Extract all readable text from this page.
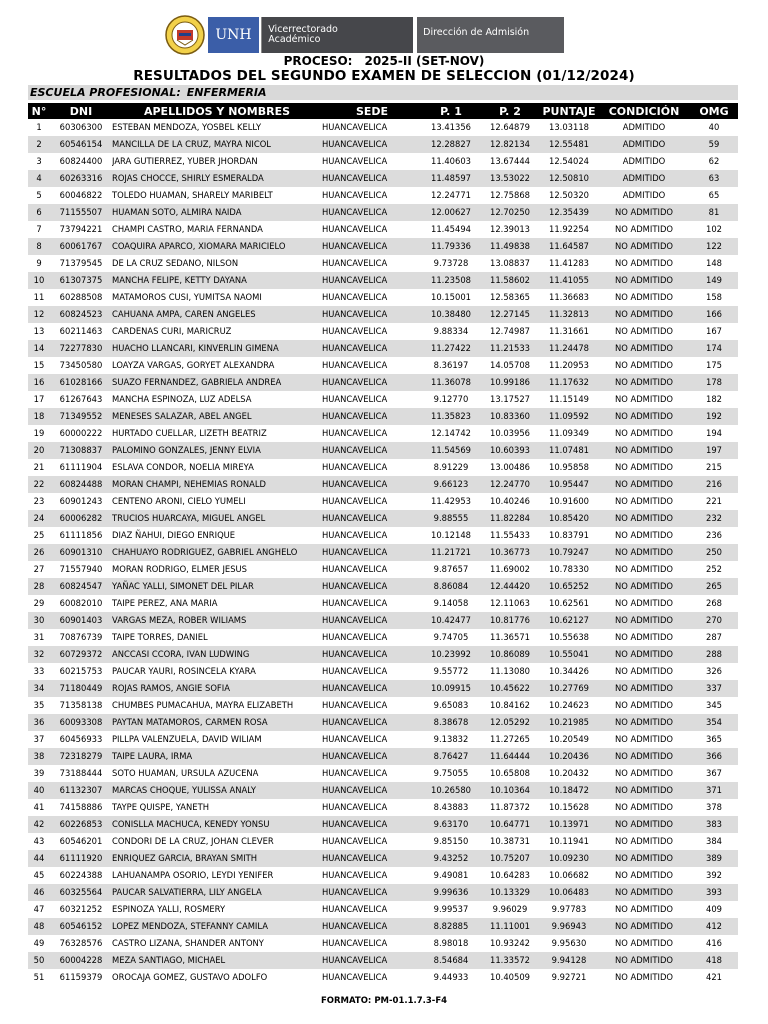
UNH	Vicerrectorado
Académico
Dirección de Admisión
PROCESO: 2025-II (SET-NOV)
RESULTADOS DEL SEGUNDO EXAMEN DE SELECCION (01/12/2024)
ESCUELA PROFESIONAL: ENFERMERIA
N°	DNI	APELLIDOS Y NOMBRES	SEDE	P. 1	P. 2	PUNTAJE	CONDICIÓN	OMG
1	60306300	ESTEBAN MENDOZA, YOSBEL KELLY	HUANCAVELICA	13.41356	12.64879	13.03118	ADMITIDO	40
2	60546154	MANCILLA DE LA CRUZ, MAYRA NICOL	HUANCAVELICA	12.28827	12.82134	12.55481	ADMITIDO	59
3	60824400	JARA GUTIERREZ, YUBER JHORDAN	HUANCAVELICA	11.40603	13.67444	12.54024	ADMITIDO	62
4	60263316	ROJAS CHOCCE, SHIRLY ESMERALDA	HUANCAVELICA	11.48597	13.53022	12.50810	ADMITIDO	63
5	60046822	TOLEDO HUAMAN, SHARELY MARIBELT	HUANCAVELICA	12.24771	12.75868	12.50320	ADMITIDO	65
6	71155507	HUAMAN SOTO, ALMIRA NAIDA	HUANCAVELICA	12.00627	12.70250	12.35439	NO ADMITIDO	81
7	73794221	CHAMPI CASTRO, MARIA FERNANDA	HUANCAVELICA	11.45494	12.39013	11.92254	NO ADMITIDO	102
8	60061767	COAQUIRA APARCO, XIOMARA MARICIELO	HUANCAVELICA	11.79336	11.49838	11.64587	NO ADMITIDO	122
9	71379545	DE LA CRUZ SEDANO, NILSON	HUANCAVELICA	9.73728	13.08837	11.41283	NO ADMITIDO	148
10	61307375	MANCHA FELIPE, KETTY DAYANA	HUANCAVELICA	11.23508	11.58602	11.41055	NO ADMITIDO	149
11	60288508	MATAMOROS CUSI, YUMITSA NAOMI	HUANCAVELICA	10.15001	12.58365	11.36683	NO ADMITIDO	158
12	60824523	CAHUANA AMPA, CAREN ANGELES	HUANCAVELICA	10.38480	12.27145	11.32813	NO ADMITIDO	166
13	60211463	CARDENAS CURI, MARICRUZ	HUANCAVELICA	9.88334	12.74987	11.31661	NO ADMITIDO	167
14	72277830	HUACHO LLANCARI, KINVERLIN GIMENA	HUANCAVELICA	11.27422	11.21533	11.24478	NO ADMITIDO	174
15	73450580	LOAYZA VARGAS, GORYET ALEXANDRA	HUANCAVELICA	8.36197	14.05708	11.20953	NO ADMITIDO	175
16	61028166	SUAZO FERNANDEZ, GABRIELA ANDREA	HUANCAVELICA	11.36078	10.99186	11.17632	NO ADMITIDO	178
17	61267643	MANCHA ESPINOZA, LUZ ADELSA	HUANCAVELICA	9.12770	13.17527	11.15149	NO ADMITIDO	182
18	71349552	MENESES SALAZAR, ABEL ANGEL	HUANCAVELICA	11.35823	10.83360	11.09592	NO ADMITIDO	192
19	60000222	HURTADO CUELLAR, LIZETH BEATRIZ	HUANCAVELICA	12.14742	10.03956	11.09349	NO ADMITIDO	194
20	71308837	PALOMINO GONZALES, JENNY ELVIA	HUANCAVELICA	11.54569	10.60393	11.07481	NO ADMITIDO	197
21	61111904	ESLAVA CONDOR, NOELIA MIREYA	HUANCAVELICA	8.91229	13.00486	10.95858	NO ADMITIDO	215
22	60824488	MORAN CHAMPI, NEHEMIAS RONALD	HUANCAVELICA	9.66123	12.24770	10.95447	NO ADMITIDO	216
23	60901243	CENTENO ARONI, CIELO YUMELI	HUANCAVELICA	11.42953	10.40246	10.91600	NO ADMITIDO	221
24	60006282	TRUCIOS HUARCAYA, MIGUEL ANGEL	HUANCAVELICA	9.88555	11.82284	10.85420	NO ADMITIDO	232
25	61111856	DIAZ ÑAHUI, DIEGO ENRIQUE	HUANCAVELICA	10.12148	11.55433	10.83791	NO ADMITIDO	236
26	60901310	CHAHUAYO RODRIGUEZ, GABRIEL ANGHELO	HUANCAVELICA	11.21721	10.36773	10.79247	NO ADMITIDO	250
27	71557940	MORAN RODRIGO, ELMER JESUS	HUANCAVELICA	9.87657	11.69002	10.78330	NO ADMITIDO	252
28	60824547	YAÑAC YALLI, SIMONET DEL PILAR	HUANCAVELICA	8.86084	12.44420	10.65252	NO ADMITIDO	265
29	60082010	TAIPE PEREZ, ANA MARIA	HUANCAVELICA	9.14058	12.11063	10.62561	NO ADMITIDO	268
30	60901403	VARGAS MEZA, ROBER WILIAMS	HUANCAVELICA	10.42477	10.81776	10.62127	NO ADMITIDO	270
31	70876739	TAIPE TORRES, DANIEL	HUANCAVELICA	9.74705	11.36571	10.55638	NO ADMITIDO	287
32	60729372	ANCCASI CCORA, IVAN LUDWING	HUANCAVELICA	10.23992	10.86089	10.55041	NO ADMITIDO	288
33	60215753	PAUCAR YAURI, ROSINCELA KYARA	HUANCAVELICA	9.55772	11.13080	10.34426	NO ADMITIDO	326
34	71180449	ROJAS RAMOS, ANGIE SOFIA	HUANCAVELICA	10.09915	10.45622	10.27769	NO ADMITIDO	337
35	71358138	CHUMBES PUMACAHUA, MAYRA ELIZABETH	HUANCAVELICA	9.65083	10.84162	10.24623	NO ADMITIDO	345
36	60093308	PAYTAN MATAMOROS, CARMEN ROSA	HUANCAVELICA	8.38678	12.05292	10.21985	NO ADMITIDO	354
37	60456933	PILLPA VALENZUELA, DAVID WILIAM	HUANCAVELICA	9.13832	11.27265	10.20549	NO ADMITIDO	365
38	72318279	TAIPE LAURA, IRMA	HUANCAVELICA	8.76427	11.64444	10.20436	NO ADMITIDO	366
39	73188444	SOTO HUAMAN, URSULA AZUCENA	HUANCAVELICA	9.75055	10.65808	10.20432	NO ADMITIDO	367
40	61132307	MARCAS CHOQUE, YULISSA ANALY	HUANCAVELICA	10.26580	10.10364	10.18472	NO ADMITIDO	371
41	74158886	TAYPE QUISPE, YANETH	HUANCAVELICA	8.43883	11.87372	10.15628	NO ADMITIDO	378
42	60226853	CONISLLA MACHUCA, KENEDY YONSU	HUANCAVELICA	9.63170	10.64771	10.13971	NO ADMITIDO	383
43	60546201	CONDORI DE LA CRUZ, JOHAN CLEVER	HUANCAVELICA	9.85150	10.38731	10.11941	NO ADMITIDO	384
44	61111920	ENRIQUEZ GARCIA, BRAYAN SMITH	HUANCAVELICA	9.43252	10.75207	10.09230	NO ADMITIDO	389
45	60224388	LAHUANAMPA OSORIO, LEYDI YENIFER	HUANCAVELICA	9.49081	10.64283	10.06682	NO ADMITIDO	392
46	60325564	PAUCAR SALVATIERRA, LILY ANGELA	HUANCAVELICA	9.99636	10.13329	10.06483	NO ADMITIDO	393
47	60321252	ESPINOZA YALLI, ROSMERY	HUANCAVELICA	9.99537	9.96029	9.97783	NO ADMITIDO	409
48	60546152	LOPEZ MENDOZA, STEFANNY CAMILA	HUANCAVELICA	8.82885	11.11001	9.96943	NO ADMITIDO	412
49	76328576	CASTRO LIZANA, SHANDER ANTONY	HUANCAVELICA	8.98018	10.93242	9.95630	NO ADMITIDO	416
50	60004228	MEZA SANTIAGO, MICHAEL	HUANCAVELICA	8.54684	11.33572	9.94128	NO ADMITIDO	418
51	61159379	OROCAJA GOMEZ, GUSTAVO ADOLFO	HUANCAVELICA	9.44933	10.40509	9.92721	NO ADMITIDO	421
FORMATO: PM-01.1.7.3-F4
